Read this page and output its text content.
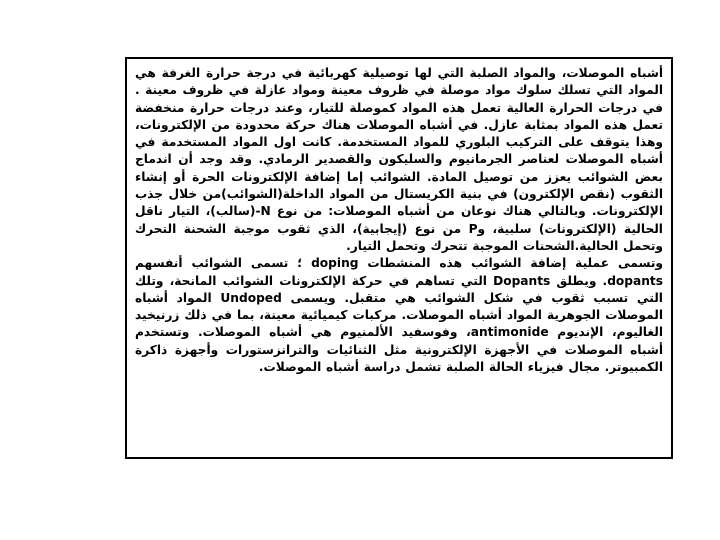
أشباه الموصلات، والمواد الصلبة التي لها توصيلية كهربائية في درجة حرارة الغرفة هي المواد التي تسلك سلوك مواد موصلة في ظروف معينة ومواد عازلة في ظروف معينة . في درجات الحرارة العالية تعمل هذه المواد كموصلة للتيار، وعند درجات حرارة منخفضة تعمل هذه المواد بمثابة عازل. في أشباه الموصلات هناك حركة محدودة من الإلكترونات، وهذا يتوقف على التركيب البلوري للمواد المستخدمة. كانت اول المواد المستخدمة في أشباه الموصلات لعناصر الجرمانيوم والسليكون والقصدير الرمادي. وقد وجد أن اندماج بعض الشوائب يعزز من توصيل المادة. الشوائب إما إضافة الإلكترونات الحرة أو إنشاء الثقوب (نقص الإلكترون) في بنية الكريستال من المواد الداخلة(الشوائب)من خلال جذب الإلكترونات. وبالتالي هناك نوعان من أشباه الموصلات: من نوع N-(سالب)، التيار ناقل الحالية (الإلكترونات) سلبية، وP من نوع (إيجابية)، الذي ثقوب موجبة الشحنة التحرك وتحمل الحالية.الشحنات الموجبة تتحرك وتحمل التيار.

وتسمى عملية إضافة الشوائب هذه المنشطات doping ؛ تسمى الشوائب أنفسهم dopants. ويطلق Dopants التي تساهم في حركة الإلكترونات الشوائب المانحة، وتلك التي تسبب ثقوب في شكل الشوائب هي متقبل. ويسمى Undoped المواد أشباه الموصلات الجوهرية المواد أشباه الموصلات. مركبات كيميائية معينة، بما في ذلك زرنيخيد الغاليوم، الإنديوم antimonide، وفوسفيد الألمنيوم هي أشباه الموصلات. وتستخدم أشباه الموصلات في الأجهزة الإلكترونية مثل الثنائيات والترانزستورات وأجهزة ذاكرة الكمبيوتر. مجال فيزياء الحالة الصلبة تشمل دراسة أشباه الموصلات.
